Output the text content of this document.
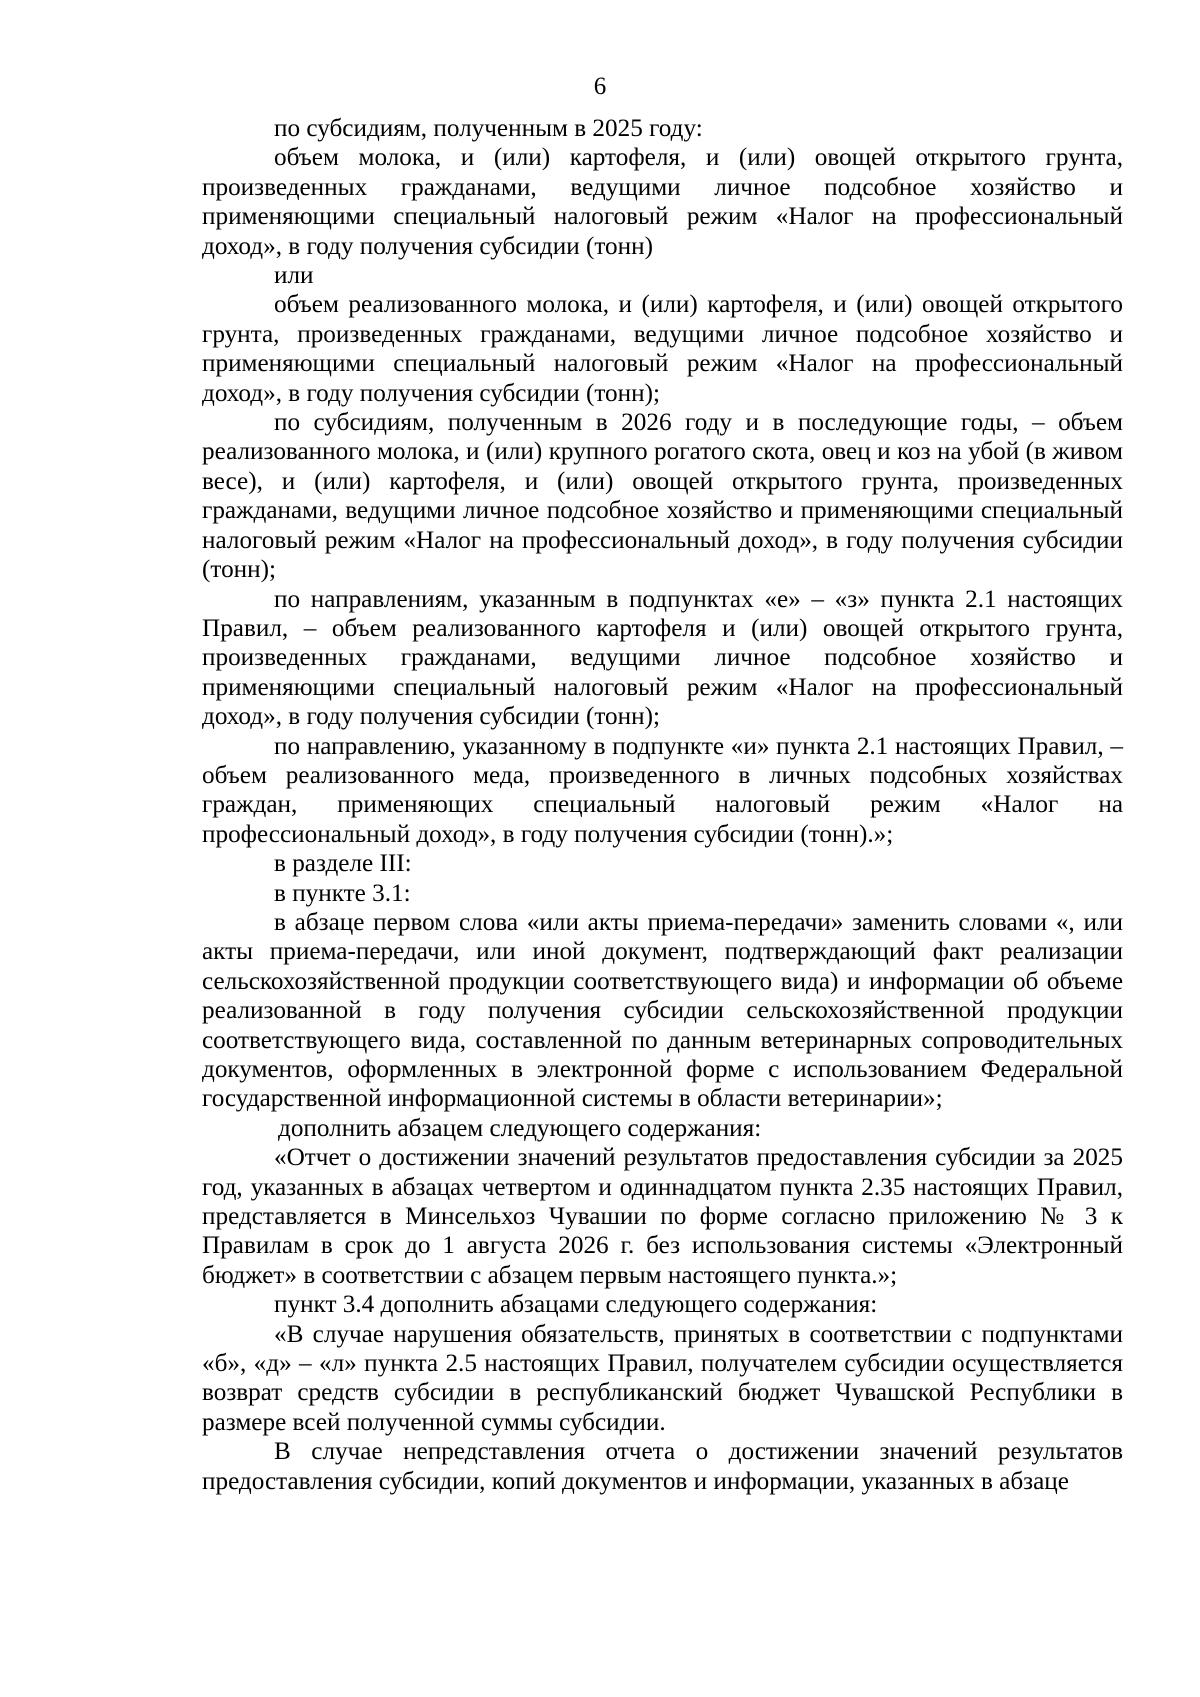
6

по субсидиям, полученным в 2025 году:

объем молока, и (или) картофеля, и (или) овощей открытого грунта, произведенных гражданами, ведущими личное подсобное хозяйство и применяющими специальный налоговый режим «Налог на профессиональный доход», в году получения субсидии (тонн)

или

объем реализованного молока, и (или) картофеля, и (или) овощей открытого грунта, произведенных гражданами, ведущими личное подсобное хозяйство и применяющими специальный налоговый режим «Налог на профессиональный доход», в году получения субсидии (тонн);

по субсидиям, полученным в 2026 году и в последующие годы, – объем реализованного молока, и (или) крупного рогатого скота, овец и коз на убой (в живом весе), и (или) картофеля, и (или) овощей открытого грунта, произведенных гражданами, ведущими личное подсобное хозяйство и применяющими специальный налоговый режим «Налог на профессиональный доход», в году получения субсидии (тонн);

по направлениям, указанным в подпунктах «е» – «з» пункта 2.1 настоящих Правил, – объем реализованного картофеля и (или) овощей открытого грунта, произведенных гражданами, ведущими личное подсобное хозяйство и применяющими специальный налоговый режим «Налог на профессиональный доход», в году получения субсидии (тонн);

по направлению, указанному в подпункте «и» пункта 2.1 настоящих Правил, – объем реализованного меда, произведенного в личных подсобных хозяйствах граждан, применяющих специальный налоговый режим «Налог на профессиональный доход», в году получения субсидии (тонн).»;

в разделе III:

в пункте 3.1:

в абзаце первом слова «или акты приема-передачи» заменить словами «, или акты приема-передачи, или иной документ, подтверждающий факт реализации сельскохозяйственной продукции соответствующего вида) и информации об объеме реализованной в году получения субсидии сельскохозяйственной продукции соответствующего вида, составленной по данным ветеринарных сопроводительных документов, оформленных в электронной форме с использованием Федеральной государственной информационной системы в области ветеринарии»;

дополнить абзацем следующего содержания:

«Отчет о достижении значений результатов предоставления субсидии за 2025 год, указанных в абзацах четвертом и одиннадцатом пункта 2.35 настоящих Правил, представляется в Минсельхоз Чувашии по форме согласно приложению № 3 к Правилам в срок до 1 августа 2026 г. без использования системы «Электронный бюджет» в соответствии с абзацем первым настоящего пункта.»;

пункт 3.4 дополнить абзацами следующего содержания:

«В случае нарушения обязательств, принятых в соответствии с подпунктами «б», «д» – «л» пункта 2.5 настоящих Правил, получателем субсидии осуществляется возврат средств субсидии в республиканский бюджет Чувашской Республики в размере всей полученной суммы субсидии.

В случае непредставления отчета о достижении значений результатов предоставления субсидии, копий документов и информации, указанных в абзаце
